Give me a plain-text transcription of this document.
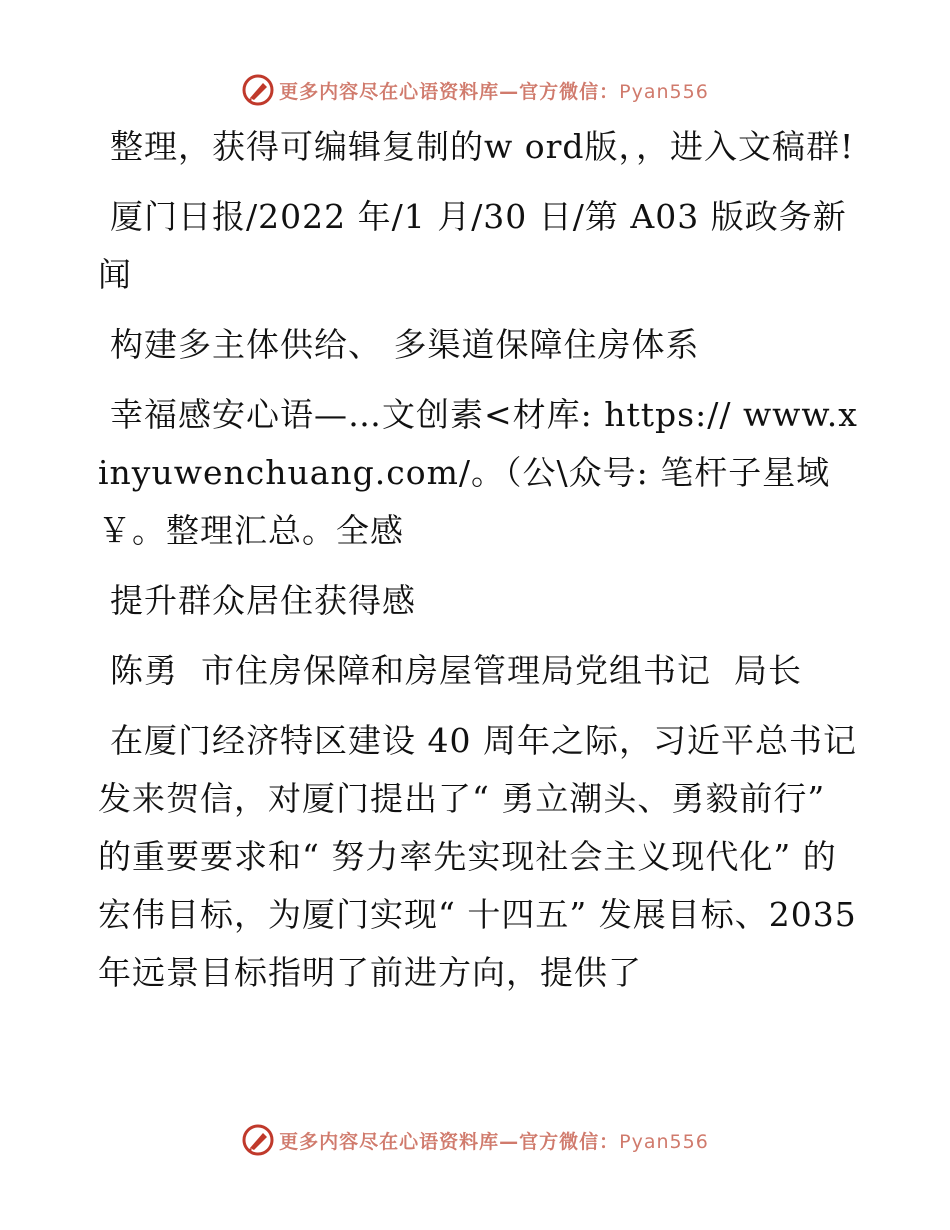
更多内容尽在心语资料库—官方微信：Pyan556

整理，获得可编辑复制的w ord版，，进入文稿群!

厦门日报/2022 年/1 月/30 日/第 A03 版政务新闻

构建多主体供给、 多渠道保障住房体系

幸福感安心语—…文创素<材库: https:// www.xinyuwenchuang.com/。（公\众号: 笔杆子星域￥。整理汇总。全感

提升群众居住获得感

陈勇  市住房保障和房屋管理局党组书记  局长

在厦门经济特区建设 40 周年之际，习近平总书记发来贺信，对厦门提出了“ 勇立潮头、勇毅前行” 的重要要求和“ 努力率先实现社会主义现代化” 的宏伟目标，为厦门实现“ 十四五” 发展目标、2035 年远景目标指明了前进方向，提供了

更多内容尽在心语资料库—官方微信：Pyan556
